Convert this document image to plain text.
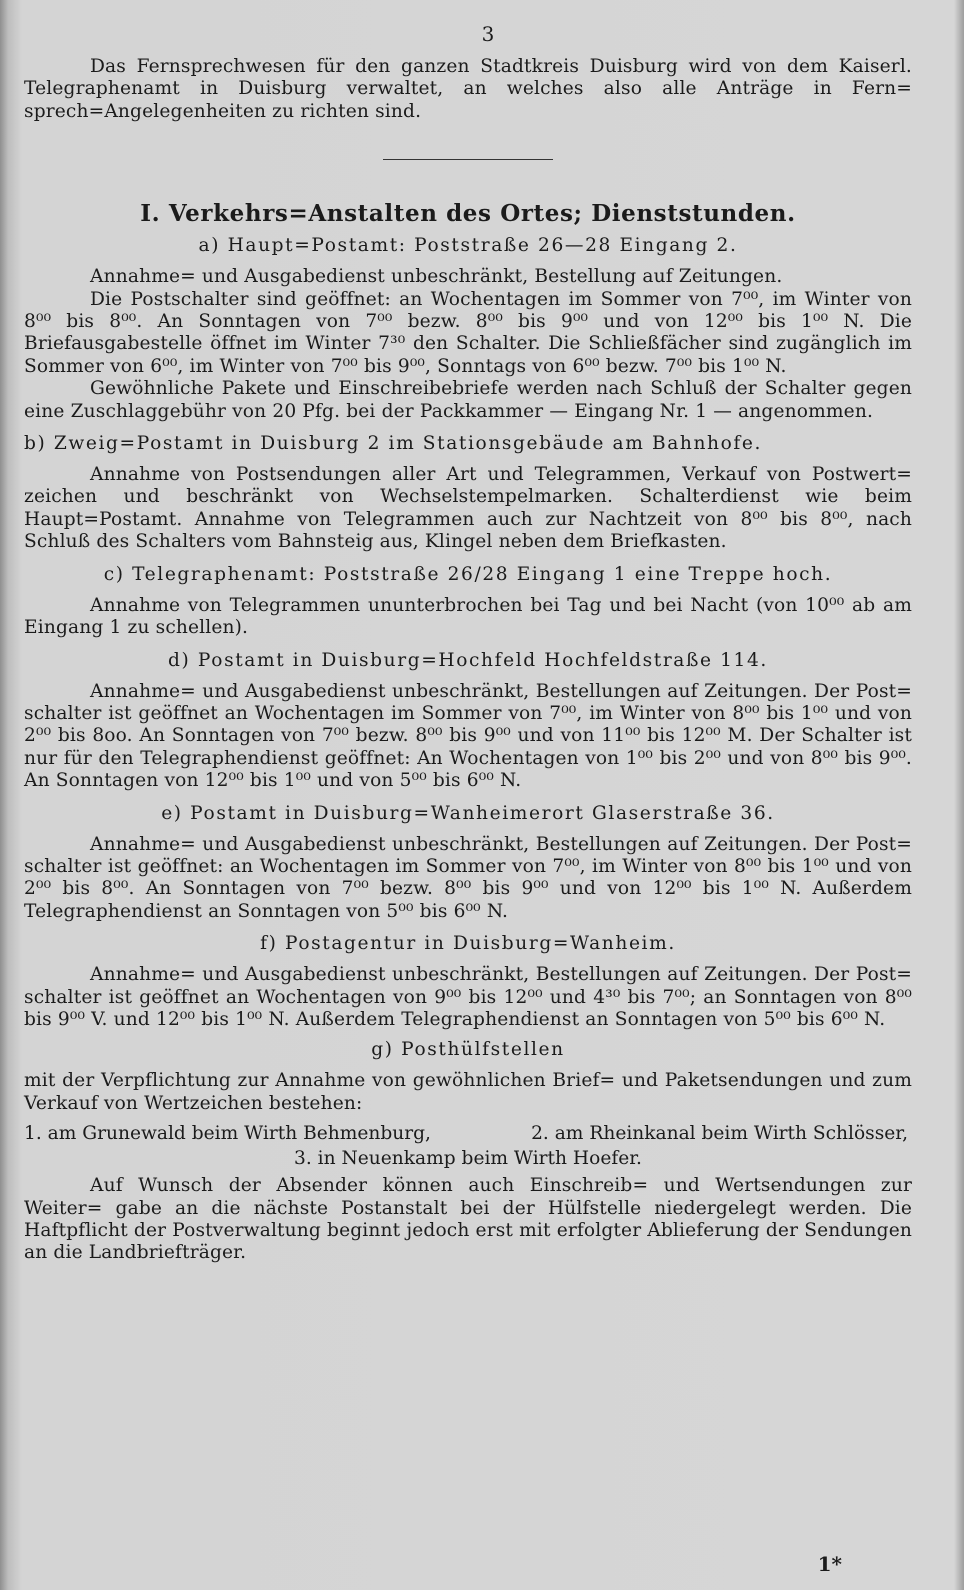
3

Das Fernsprechwesen für den ganzen Stadtkreis Duisburg wird von dem Kaiserl. Telegraphenamt in Duisburg verwaltet, an welches also alle Anträge in Fern= sprech=Angelegenheiten zu richten sind.

I. Verkehrs=Anstalten des Ortes; Dienststunden.
a) Haupt=Postamt: Poststraße 26—28 Eingang 2.

Annahme= und Ausgabedienst unbeschränkt, Bestellung auf Zeitungen.

Die Postschalter sind geöffnet: an Wochentagen im Sommer von 7⁰⁰, im Winter von 8⁰⁰ bis 8⁰⁰. An Sonntagen von 7⁰⁰ bezw. 8⁰⁰ bis 9⁰⁰ und von 12⁰⁰ bis 1⁰⁰ N. Die Briefausgabestelle öffnet im Winter 7³⁰ den Schalter. Die Schließfächer sind zugänglich im Sommer von 6⁰⁰, im Winter von 7⁰⁰ bis 9⁰⁰, Sonntags von 6⁰⁰ bezw. 7⁰⁰ bis 1⁰⁰ N.

Gewöhnliche Pakete und Einschreibebriefe werden nach Schluß der Schalter gegen eine Zuschlaggebühr von 20 Pfg. bei der Packkammer — Eingang Nr. 1 — angenommen.

b) Zweig=Postamt in Duisburg 2 im Stationsgebäude am Bahnhofe.

Annahme von Postsendungen aller Art und Telegrammen, Verkauf von Postwert= zeichen und beschränkt von Wechselstempelmarken. Schalterdienst wie beim Haupt=Postamt. Annahme von Telegrammen auch zur Nachtzeit von 8⁰⁰ bis 8⁰⁰, nach Schluß des Schalters vom Bahnsteig aus, Klingel neben dem Briefkasten.

c) Telegraphenamt: Poststraße 26/28 Eingang 1 eine Treppe hoch.

Annahme von Telegrammen ununterbrochen bei Tag und bei Nacht (von 10⁰⁰ ab am Eingang 1 zu schellen).

d) Postamt in Duisburg=Hochfeld Hochfeldstraße 114.

Annahme= und Ausgabedienst unbeschränkt, Bestellungen auf Zeitungen. Der Post= schalter ist geöffnet an Wochentagen im Sommer von 7⁰⁰, im Winter von 8⁰⁰ bis 1⁰⁰ und von 2⁰⁰ bis 8oo. An Sonntagen von 7⁰⁰ bezw. 8⁰⁰ bis 9⁰⁰ und von 11⁰⁰ bis 12⁰⁰ M. Der Schalter ist nur für den Telegraphendienst geöffnet: An Wochentagen von 1⁰⁰ bis 2⁰⁰ und von 8⁰⁰ bis 9⁰⁰. An Sonntagen von 12⁰⁰ bis 1⁰⁰ und von 5⁰⁰ bis 6⁰⁰ N.

e) Postamt in Duisburg=Wanheimerort Glaserstraße 36.

Annahme= und Ausgabedienst unbeschränkt, Bestellungen auf Zeitungen. Der Post= schalter ist geöffnet: an Wochentagen im Sommer von 7⁰⁰, im Winter von 8⁰⁰ bis 1⁰⁰ und von 2⁰⁰ bis 8⁰⁰. An Sonntagen von 7⁰⁰ bezw. 8⁰⁰ bis 9⁰⁰ und von 12⁰⁰ bis 1⁰⁰ N. Außerdem Telegraphendienst an Sonntagen von 5⁰⁰ bis 6⁰⁰ N.

f) Postagentur in Duisburg=Wanheim.

Annahme= und Ausgabedienst unbeschränkt, Bestellungen auf Zeitungen. Der Post= schalter ist geöffnet an Wochentagen von 9⁰⁰ bis 12⁰⁰ und 4³⁰ bis 7⁰⁰; an Sonntagen von 8⁰⁰ bis 9⁰⁰ V. und 12⁰⁰ bis 1⁰⁰ N. Außerdem Telegraphendienst an Sonntagen von 5⁰⁰ bis 6⁰⁰ N.

g) Posthülfstellen

mit der Verpflichtung zur Annahme von gewöhnlichen Brief= und Paketsendungen und zum Verkauf von Wertzeichen bestehen:

1. am Grunewald beim Wirth Behmenburg,	2. am Rheinkanal beim Wirth Schlösser,
3. in Neuenkamp beim Wirth Hoefer.

Auf Wunsch der Absender können auch Einschreib= und Wertsendungen zur Weiter= gabe an die nächste Postanstalt bei der Hülfstelle niedergelegt werden. Die Haftpflicht der Postverwaltung beginnt jedoch erst mit erfolgter Ablieferung der Sendungen an die Landbriefträger.

1*
